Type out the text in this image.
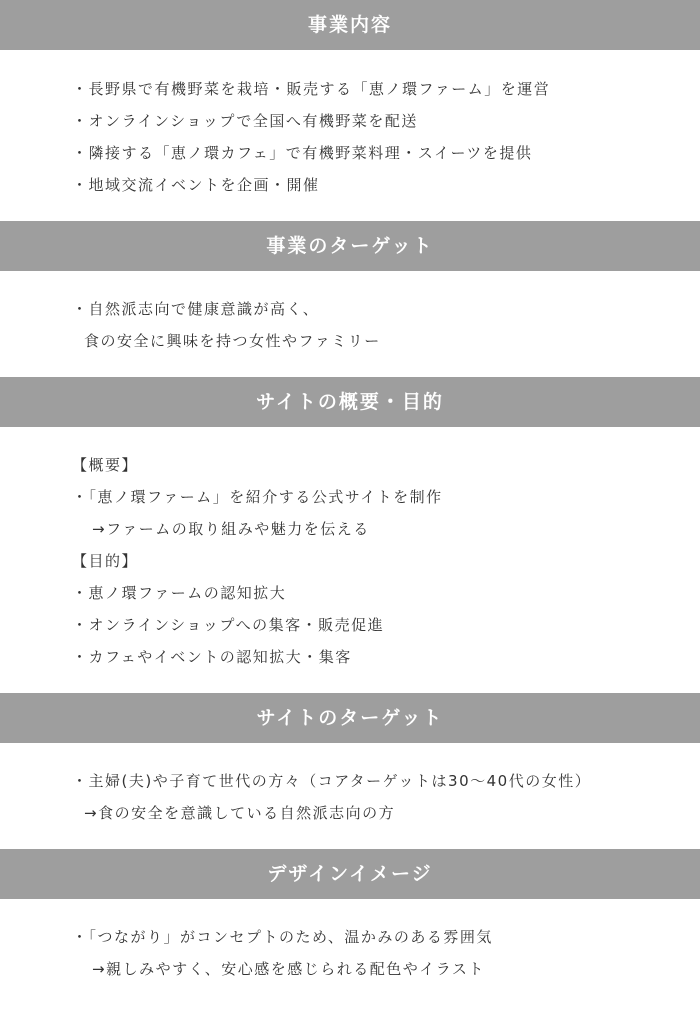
事業内容
・長野県で有機野菜を栽培・販売する「恵ノ環ファーム」を運営
・オンラインショップで全国へ有機野菜を配送
・隣接する「恵ノ環カフェ」で有機野菜料理・スイーツを提供
・地域交流イベントを企画・開催
事業のターゲット
・自然派志向で健康意識が高く、
食の安全に興味を持つ女性やファミリー
サイトの概要・目的
【概要】
・「恵ノ環ファーム」を紹介する公式サイトを制作
→ファームの取り組みや魅力を伝える
【目的】
・恵ノ環ファームの認知拡大
・オンラインショップへの集客・販売促進
・カフェやイベントの認知拡大・集客
サイトのターゲット
・主婦(夫)や子育て世代の方々（コアターゲットは30～40代の女性）
→食の安全を意識している自然派志向の方
デザインイメージ
・「つながり」がコンセプトのため、温かみのある雰囲気
→親しみやすく、安心感を感じられる配色やイラスト
